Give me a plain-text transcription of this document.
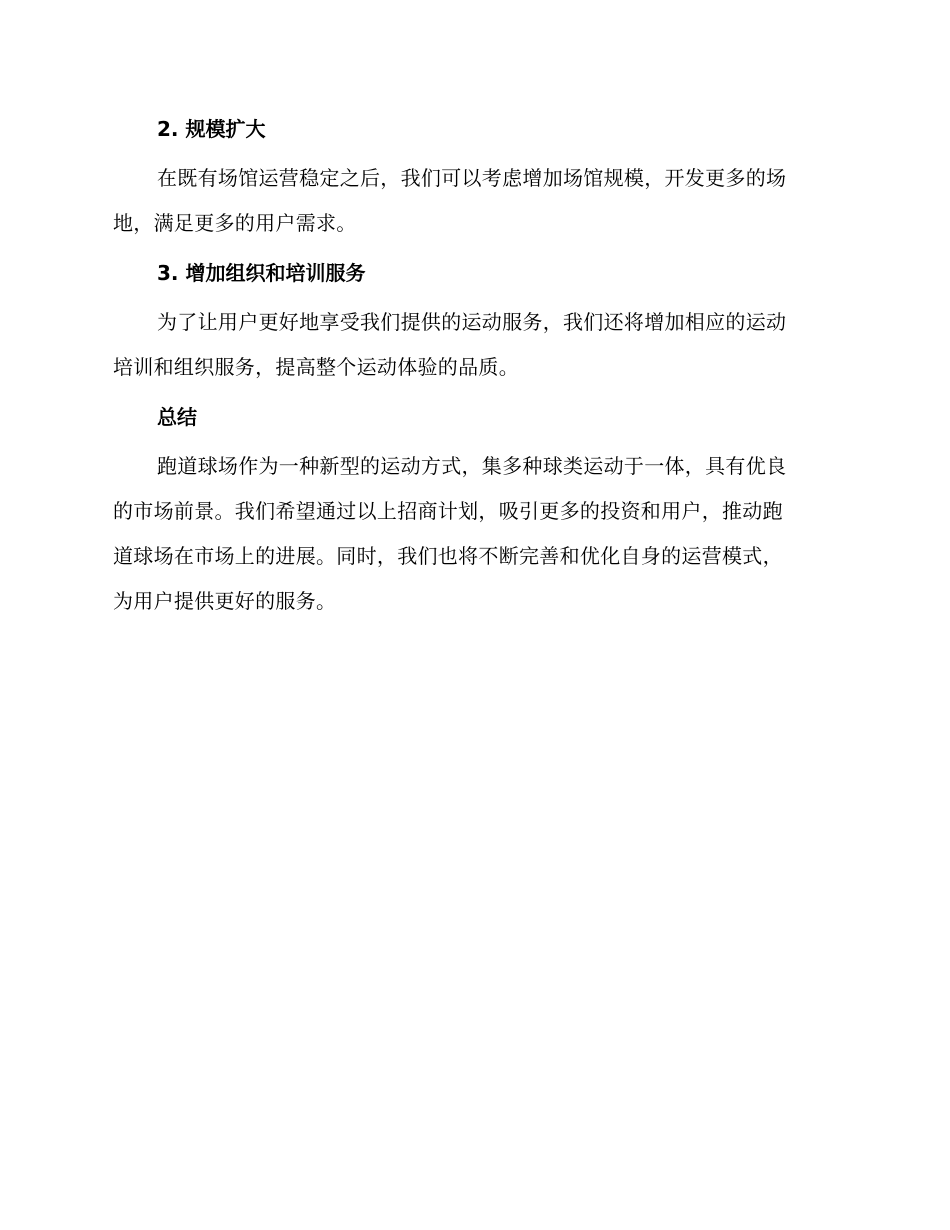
2. 规模扩大
在既有场馆运营稳定之后，我们可以考虑增加场馆规模，开发更多的场
地，满足更多的用户需求。
3. 增加组织和培训服务
为了让用户更好地享受我们提供的运动服务，我们还将增加相应的运动
培训和组织服务，提高整个运动体验的品质。
总结
跑道球场作为一种新型的运动方式，集多种球类运动于一体，具有优良
的市场前景。我们希望通过以上招商计划，吸引更多的投资和用户，推动跑
道球场在市场上的进展。同时，我们也将不断完善和优化自身的运营模式，
为用户提供更好的服务。
